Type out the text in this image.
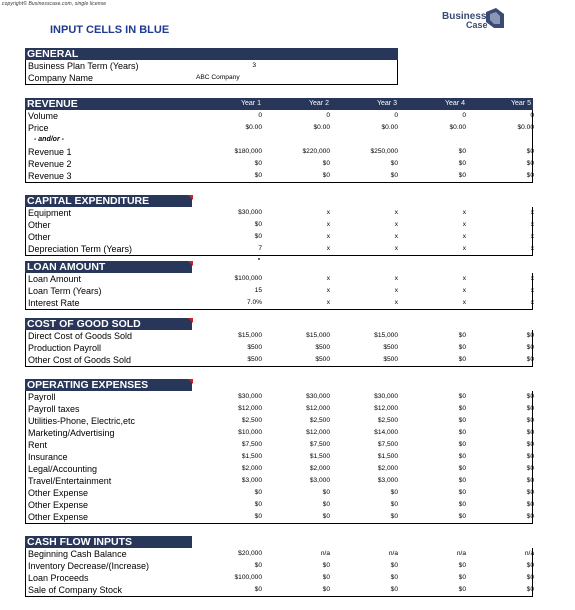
copyright© Businesscase.com, single license
INPUT CELLS IN BLUE
Business
Case
GENERAL
Business Plan Term (Years)	3
Company Name	ABC Company
REVENUE	Year 1	Year 2	Year 3	Year 4	Year 5
Volume	0	0	0	0	0
Price	$0.00	$0.00	$0.00	$0.00	$0.00
- and/or -
Revenue 1	$180,000	$220,000	$250,000	$0	$0
Revenue 2	$0	$0	$0	$0	$0
Revenue 3	$0	$0	$0	$0	$0
CAPITAL EXPENDITURE
Equipment	$30,000	x	x	x	x
Other	$0	x	x	x	x
Other	$0	x	x	x	x
Depreciation Term (Years)	7	x	x	x	x
LOAN AMOUNT
Loan Amount	$100,000	x	x	x	x
Loan Term (Years)	15	x	x	x	x
Interest Rate	7.0%	x	x	x	x
COST OF GOOD SOLD
Direct Cost of Goods Sold	$15,000	$15,000	$15,000	$0	$0
Production Payroll	$500	$500	$500	$0	$0
Other Cost of Goods Sold	$500	$500	$500	$0	$0
OPERATING EXPENSES
Payroll	$30,000	$30,000	$30,000	$0	$0
Payroll taxes	$12,000	$12,000	$12,000	$0	$0
Utilities-Phone, Electric,etc	$2,500	$2,500	$2,500	$0	$0
Marketing/Advertising	$10,000	$12,000	$14,000	$0	$0
Rent	$7,500	$7,500	$7,500	$0	$0
Insurance	$1,500	$1,500	$1,500	$0	$0
Legal/Accounting	$2,000	$2,000	$2,000	$0	$0
Travel/Entertainment	$3,000	$3,000	$3,000	$0	$0
Other Expense	$0	$0	$0	$0	$0
Other Expense	$0	$0	$0	$0	$0
Other Expense	$0	$0	$0	$0	$0
CASH FLOW INPUTS
Beginning Cash Balance	$20,000	n/a	n/a	n/a	n/a
Inventory Decrease/(Increase)	$0	$0	$0	$0	$0
Loan Proceeds	$100,000	$0	$0	$0	$0
Sale of Company Stock	$0	$0	$0	$0	$0
